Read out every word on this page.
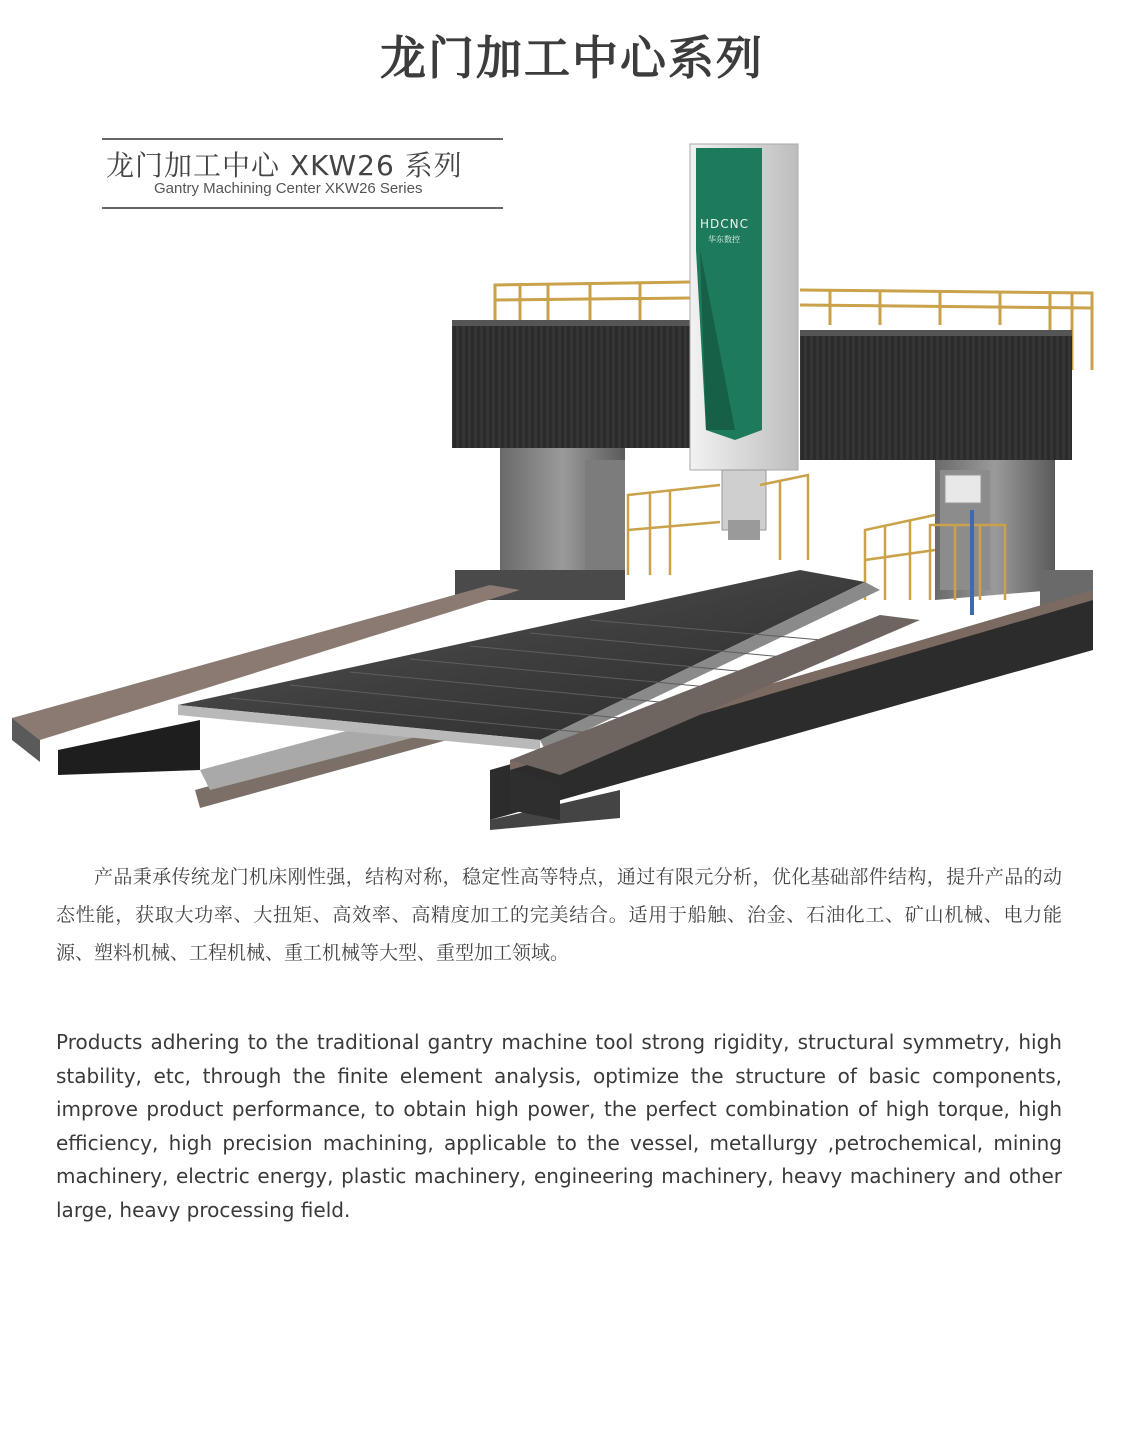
龙门加工中心系列
龙门加工中心 XKW26 系列
Gantry Machining Center XKW26 Series
HDCNC
华东数控

产品秉承传统龙门机床刚性强，结构对称，稳定性高等特点，通过有限元分析，优化基础部件结构，提升产品的动态性能，获取大功率、大扭矩、高效率、高精度加工的完美结合。适用于船触、治金、石油化工、矿山机械、电力能源、塑料机械、工程机械、重工机械等大型、重型加工领域。

Products adhering to the traditional gantry machine tool strong rigidity, structural symmetry, high stability, etc, through the finite element analysis, optimize the structure of basic components, improve product performance, to obtain high power, the perfect combination of high torque, high efficiency, high precision machining, applicable to the vessel, metallurgy ,petrochemical, mining machinery, electric energy, plastic machinery, engineering machinery, heavy machinery and other large, heavy processing field.
